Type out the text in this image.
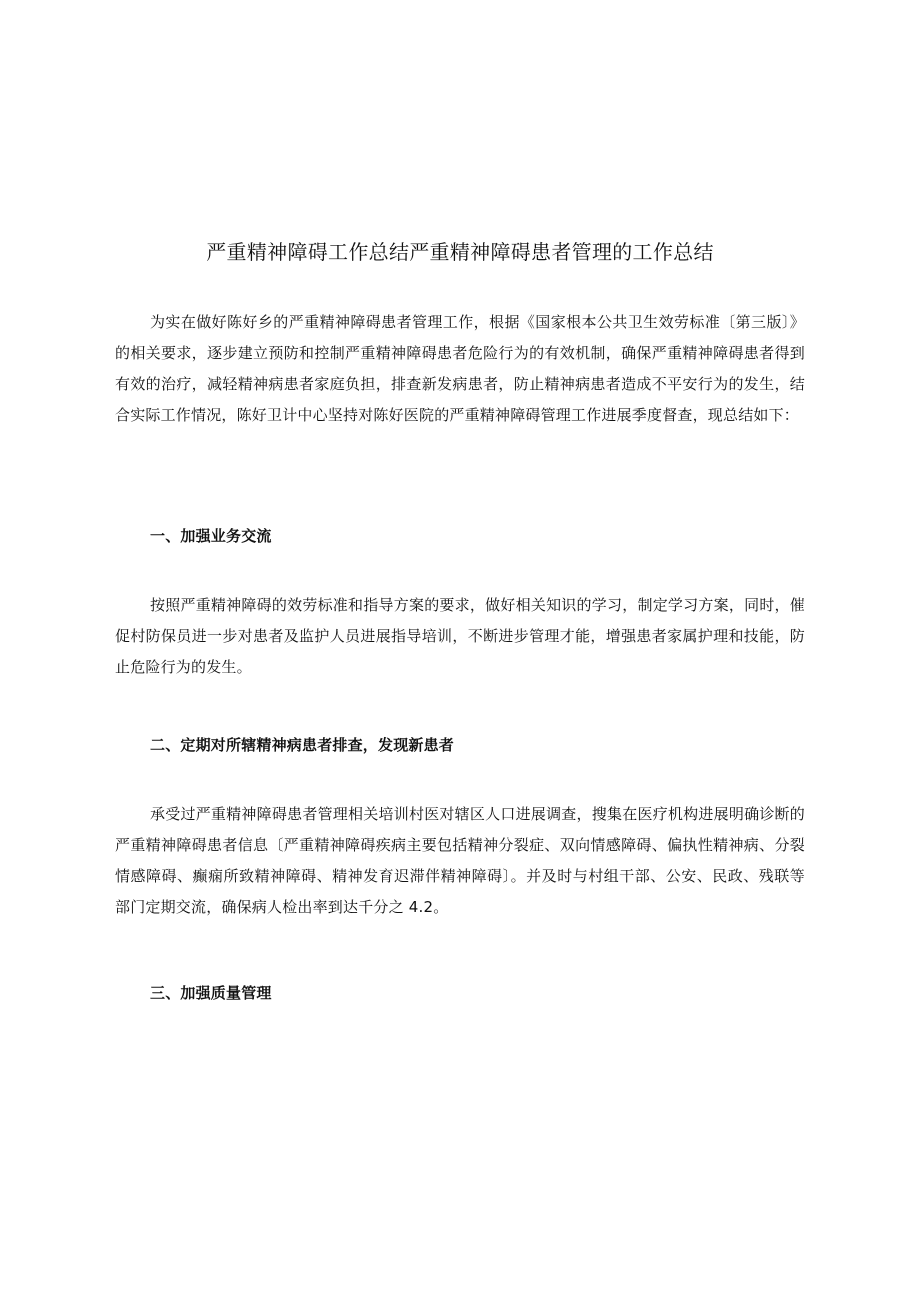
严重精神障碍工作总结严重精神障碍患者管理的工作总结

为实在做好陈好乡的严重精神障碍患者管理工作，根据《国家根本公共卫生效劳标准〔第三版〕》的相关要求，逐步建立预防和控制严重精神障碍患者危险行为的有效机制，确保严重精神障碍患者得到有效的治疗，减轻精神病患者家庭负担，排查新发病患者，防止精神病患者造成不平安行为的发生，结合实际工作情况，陈好卫计中心坚持对陈好医院的严重精神障碍管理工作进展季度督查，现总结如下：

一、加强业务交流

按照严重精神障碍的效劳标准和指导方案的要求，做好相关知识的学习，制定学习方案，同时，催促村防保员进一步对患者及监护人员进展指导培训，不断进步管理才能，增强患者家属护理和技能，防止危险行为的发生。

二、定期对所辖精神病患者排查，发现新患者

承受过严重精神障碍患者管理相关培训村医对辖区人口进展调查，搜集在医疗机构进展明确诊断的严重精神障碍患者信息〔严重精神障碍疾病主要包括精神分裂症、双向情感障碍、偏执性精神病、分裂情感障碍、癫痫所致精神障碍、精神发育迟滞伴精神障碍〕。并及时与村组干部、公安、民政、残联等部门定期交流，确保病人检出率到达千分之 4.2。

三、加强质量管理
